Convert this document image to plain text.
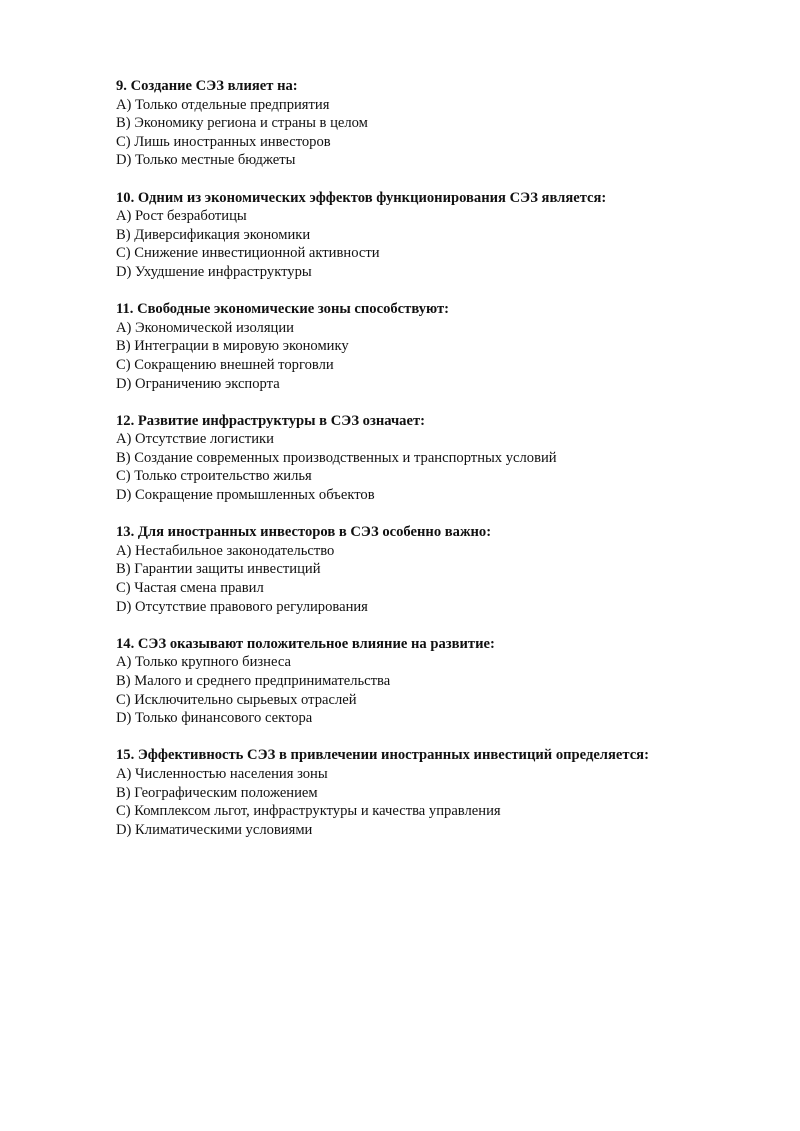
9. Создание СЭЗ влияет на:
A) Только отдельные предприятия
B) Экономику региона и страны в целом
C) Лишь иностранных инвесторов
D) Только местные бюджеты
10. Одним из экономических эффектов функционирования СЭЗ является:
A) Рост безработицы
B) Диверсификация экономики
C) Снижение инвестиционной активности
D) Ухудшение инфраструктуры
11. Свободные экономические зоны способствуют:
A) Экономической изоляции
B) Интеграции в мировую экономику
C) Сокращению внешней торговли
D) Ограничению экспорта
12. Развитие инфраструктуры в СЭЗ означает:
A) Отсутствие логистики
B) Создание современных производственных и транспортных условий
C) Только строительство жилья
D) Сокращение промышленных объектов
13. Для иностранных инвесторов в СЭЗ особенно важно:
A) Нестабильное законодательство
B) Гарантии защиты инвестиций
C) Частая смена правил
D) Отсутствие правового регулирования
14. СЭЗ оказывают положительное влияние на развитие:
A) Только крупного бизнеса
B) Малого и среднего предпринимательства
C) Исключительно сырьевых отраслей
D) Только финансового сектора
15. Эффективность СЭЗ в привлечении иностранных инвестиций определяется:
A) Численностью населения зоны
B) Географическим положением
C) Комплексом льгот, инфраструктуры и качества управления
D) Климатическими условиями
